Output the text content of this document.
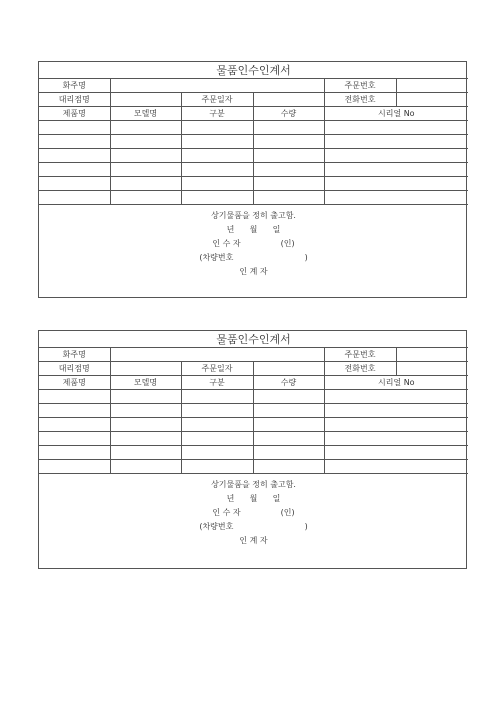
물품인수인계서					
화주명				주문번호	
대리점명		주문일자		전화번호	
제품명	모델명	구분	수량	시리얼 No	

상기물품을 정히 출고함.
년 월 일
인 수 자 (인)
(차량번호 )
인 계 자					
물품인수인계서					
화주명				주문번호	
대리점명		주문일자		전화번호	
제품명	모델명	구분	수량	시리얼 No	

상기물품을 정히 출고함.
년 월 일
인 수 자 (인)
(차량번호 )
인 계 자					
